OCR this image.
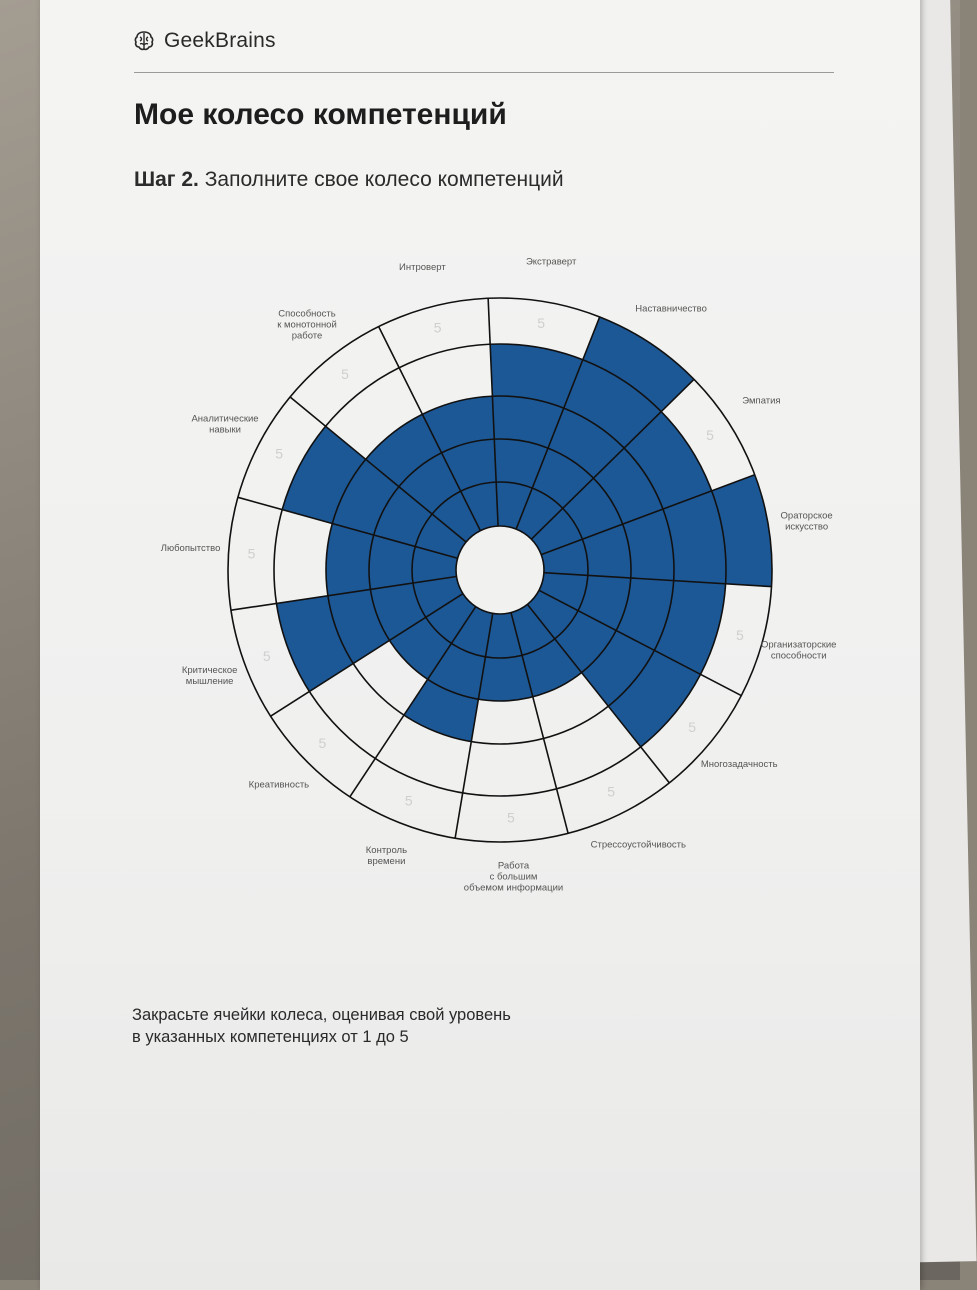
GeekBrains
Мое колесо компетенций
Шаг 2. Заполните свое колесо компетенций
5
5
5
5
5
5
5
5
5
5
5
5
5
Экстраверт
Наставничество
Эмпатия
Ораторское искусство
Организаторские способности
Многозадачность
Стрессоустойчивость
Работа с большим объемом информации
Контроль времени
Креативность
Критическое мышление
Любопытство
Аналитические навыки
Способность к монотонной работе
Интроверт

Закрасьте ячейки колеса, оценивая свой уровень
в указанных компетенциях от 1 до 5
